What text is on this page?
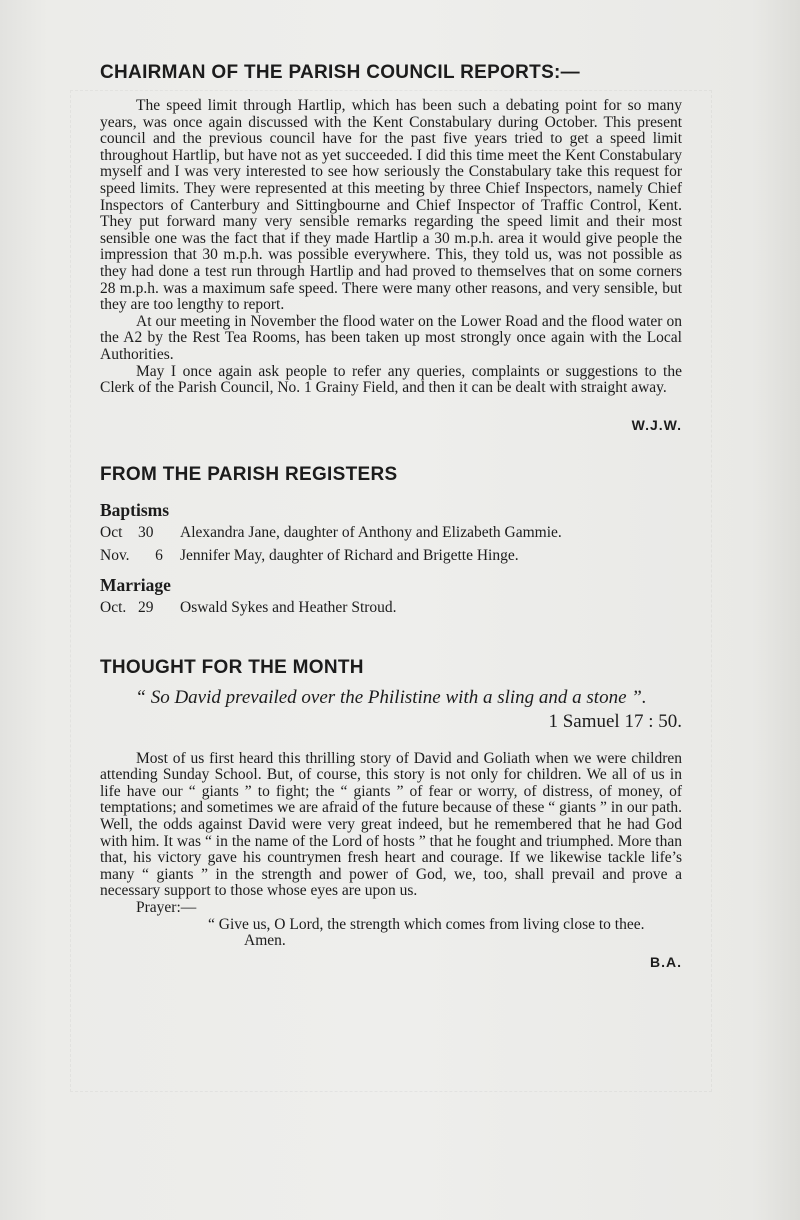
CHAIRMAN OF THE PARISH COUNCIL REPORTS:—

The speed limit through Hartlip, which has been such a debating point for so many years, was once again discussed with the Kent Constabulary during October. This present council and the previous council have for the past five years tried to get a speed limit throughout Hartlip, but have not as yet succeeded. I did this time meet the Kent Constabulary myself and I was very interested to see how seriously the Constabulary take this request for speed limits. They were represented at this meeting by three Chief Inspectors, namely Chief Inspectors of Canterbury and Sittingbourne and Chief Inspector of Traffic Control, Kent. They put forward many very sensible remarks regarding the speed limit and their most sensible one was the fact that if they made Hartlip a 30 m.p.h. area it would give people the impression that 30 m.p.h. was possible everywhere. This, they told us, was not possible as they had done a test run through Hartlip and had proved to themselves that on some corners 28 m.p.h. was a maximum safe speed. There were many other reasons, and very sensible, but they are too lengthy to report.

At our meeting in November the flood water on the Lower Road and the flood water on the A2 by the Rest Tea Rooms, has been taken up most strongly once again with the Local Authorities.

May I once again ask people to refer any queries, complaints or suggestions to the Clerk of the Parish Council, No. 1 Grainy Field, and then it can be dealt with straight away.

W.J.W.
FROM THE PARISH REGISTERS
Baptisms
Oct 30 Alexandra Jane, daughter of Anthony and Elizabeth Gammie.
Nov. 6 Jennifer May, daughter of Richard and Brigette Hinge.
Marriage
Oct. 29 Oswald Sykes and Heather Stroud.
THOUGHT FOR THE MONTH
“ So David prevailed over the Philistine with a sling and a stone ”.
1 Samuel 17 : 50.

Most of us first heard this thrilling story of David and Goliath when we were children attending Sunday School. But, of course, this story is not only for children. We all of us in life have our “ giants ” to fight; the “ giants ” of fear or worry, of distress, of money, of temptations; and sometimes we are afraid of the future because of these “ giants ” in our path. Well, the odds against David were very great indeed, but he remembered that he had God with him. It was “ in the name of the Lord of hosts ” that he fought and triumphed. More than that, his victory gave his countrymen fresh heart and courage. If we likewise tackle life’s many “ giants ” in the strength and power of God, we, too, shall prevail and prove a necessary support to those whose eyes are upon us.

Prayer:—
“ Give us, O Lord, the strength which comes from living close to thee. Amen.
B.A.
